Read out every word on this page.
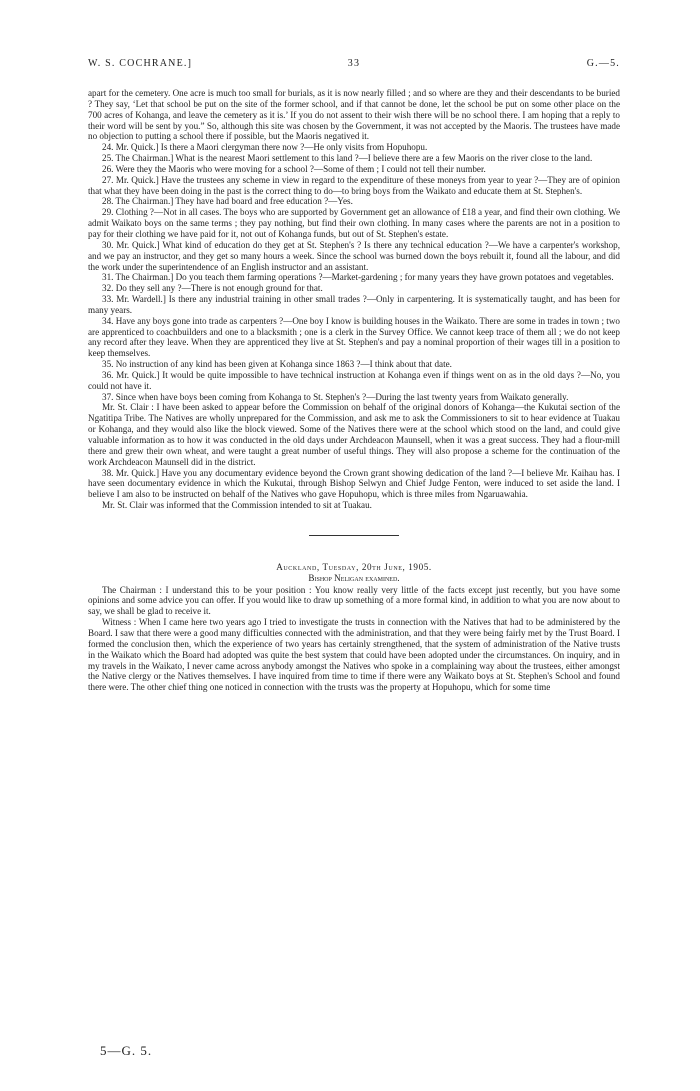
W. S. COCHRANE.]	33	G.—5.

apart for the cemetery. One acre is much too small for burials, as it is now nearly filled ; and so where are they and their descendants to be buried ? They say, ‘Let that school be put on the site of the former school, and if that cannot be done, let the school be put on some other place on the 700 acres of Kohanga, and leave the cemetery as it is.’ If you do not assent to their wish there will be no school there. I am hoping that a reply to their word will be sent by you.” So, although this site was chosen by the Government, it was not accepted by the Maoris. The trustees have made no objection to putting a school there if possible, but the Maoris negatived it.

24. Mr. Quick.] Is there a Maori clergyman there now ?—He only visits from Hopuhopu.

25. The Chairman.] What is the nearest Maori settlement to this land ?—I believe there are a few Maoris on the river close to the land.

26. Were they the Maoris who were moving for a school ?—Some of them ; I could not tell their number.

27. Mr. Quick.] Have the trustees any scheme in view in regard to the expenditure of these moneys from year to year ?—They are of opinion that what they have been doing in the past is the correct thing to do—to bring boys from the Waikato and educate them at St. Stephen's.

28. The Chairman.] They have had board and free education ?—Yes.

29. Clothing ?—Not in all cases. The boys who are supported by Government get an allowance of £18 a year, and find their own clothing. We admit Waikato boys on the same terms ; they pay nothing, but find their own clothing. In many cases where the parents are not in a position to pay for their clothing we have paid for it, not out of Kohanga funds, but out of St. Stephen's estate.

30. Mr. Quick.] What kind of education do they get at St. Stephen's ? Is there any technical education ?—We have a carpenter's workshop, and we pay an instructor, and they get so many hours a week. Since the school was burned down the boys rebuilt it, found all the labour, and did the work under the superintendence of an English instructor and an assistant.

31. The Chairman.] Do you teach them farming operations ?—Market-gardening ; for many years they have grown potatoes and vegetables.

32. Do they sell any ?—There is not enough ground for that.

33. Mr. Wardell.] Is there any industrial training in other small trades ?—Only in carpentering. It is systematically taught, and has been for many years.

34. Have any boys gone into trade as carpenters ?—One boy I know is building houses in the Waikato. There are some in trades in town ; two are apprenticed to coachbuilders and one to a blacksmith ; one is a clerk in the Survey Office. We cannot keep trace of them all ; we do not keep any record after they leave. When they are apprenticed they live at St. Stephen's and pay a nominal proportion of their wages till in a position to keep themselves.

35. No instruction of any kind has been given at Kohanga since 1863 ?—I think about that date.

36. Mr. Quick.] It would be quite impossible to have technical instruction at Kohanga even if things went on as in the old days ?—No, you could not have it.

37. Since when have boys been coming from Kohanga to St. Stephen's ?—During the last twenty years from Waikato generally.

Mr. St. Clair : I have been asked to appear before the Commission on behalf of the original donors of Kohanga—the Kukutai section of the Ngatitipa Tribe. The Natives are wholly unprepared for the Commission, and ask me to ask the Commissioners to sit to hear evidence at Tuakau or Kohanga, and they would also like the block viewed. Some of the Natives there were at the school which stood on the land, and could give valuable information as to how it was conducted in the old days under Archdeacon Maunsell, when it was a great success. They had a flour-mill there and grew their own wheat, and were taught a great number of useful things. They will also propose a scheme for the continuation of the work Archdeacon Maunsell did in the district.

38. Mr. Quick.] Have you any documentary evidence beyond the Crown grant showing dedication of the land ?—I believe Mr. Kaihau has. I have seen documentary evidence in which the Kukutai, through Bishop Selwyn and Chief Judge Fenton, were induced to set aside the land. I believe I am also to be instructed on behalf of the Natives who gave Hopuhopu, which is three miles from Ngaruawahia.

Mr. St. Clair was informed that the Commission intended to sit at Tuakau.

Auckland, Tuesday, 20th June, 1905.

Bishop Neligan examined.

The Chairman : I understand this to be your position : You know really very little of the facts except just recently, but you have some opinions and some advice you can offer. If you would like to draw up something of a more formal kind, in addition to what you are now about to say, we shall be glad to receive it.

Witness : When I came here two years ago I tried to investigate the trusts in connection with the Natives that had to be administered by the Board. I saw that there were a good many difficulties connected with the administration, and that they were being fairly met by the Trust Board. I formed the conclusion then, which the experience of two years has certainly strengthened, that the system of administration of the Native trusts in the Waikato which the Board had adopted was quite the best system that could have been adopted under the circumstances. On inquiry, and in my travels in the Waikato, I never came across anybody amongst the Natives who spoke in a complaining way about the trustees, either amongst the Native clergy or the Natives themselves. I have inquired from time to time if there were any Waikato boys at St. Stephen's School and found there were. The other chief thing one noticed in connection with the trusts was the property at Hopuhopu, which for some time

5—G. 5.
